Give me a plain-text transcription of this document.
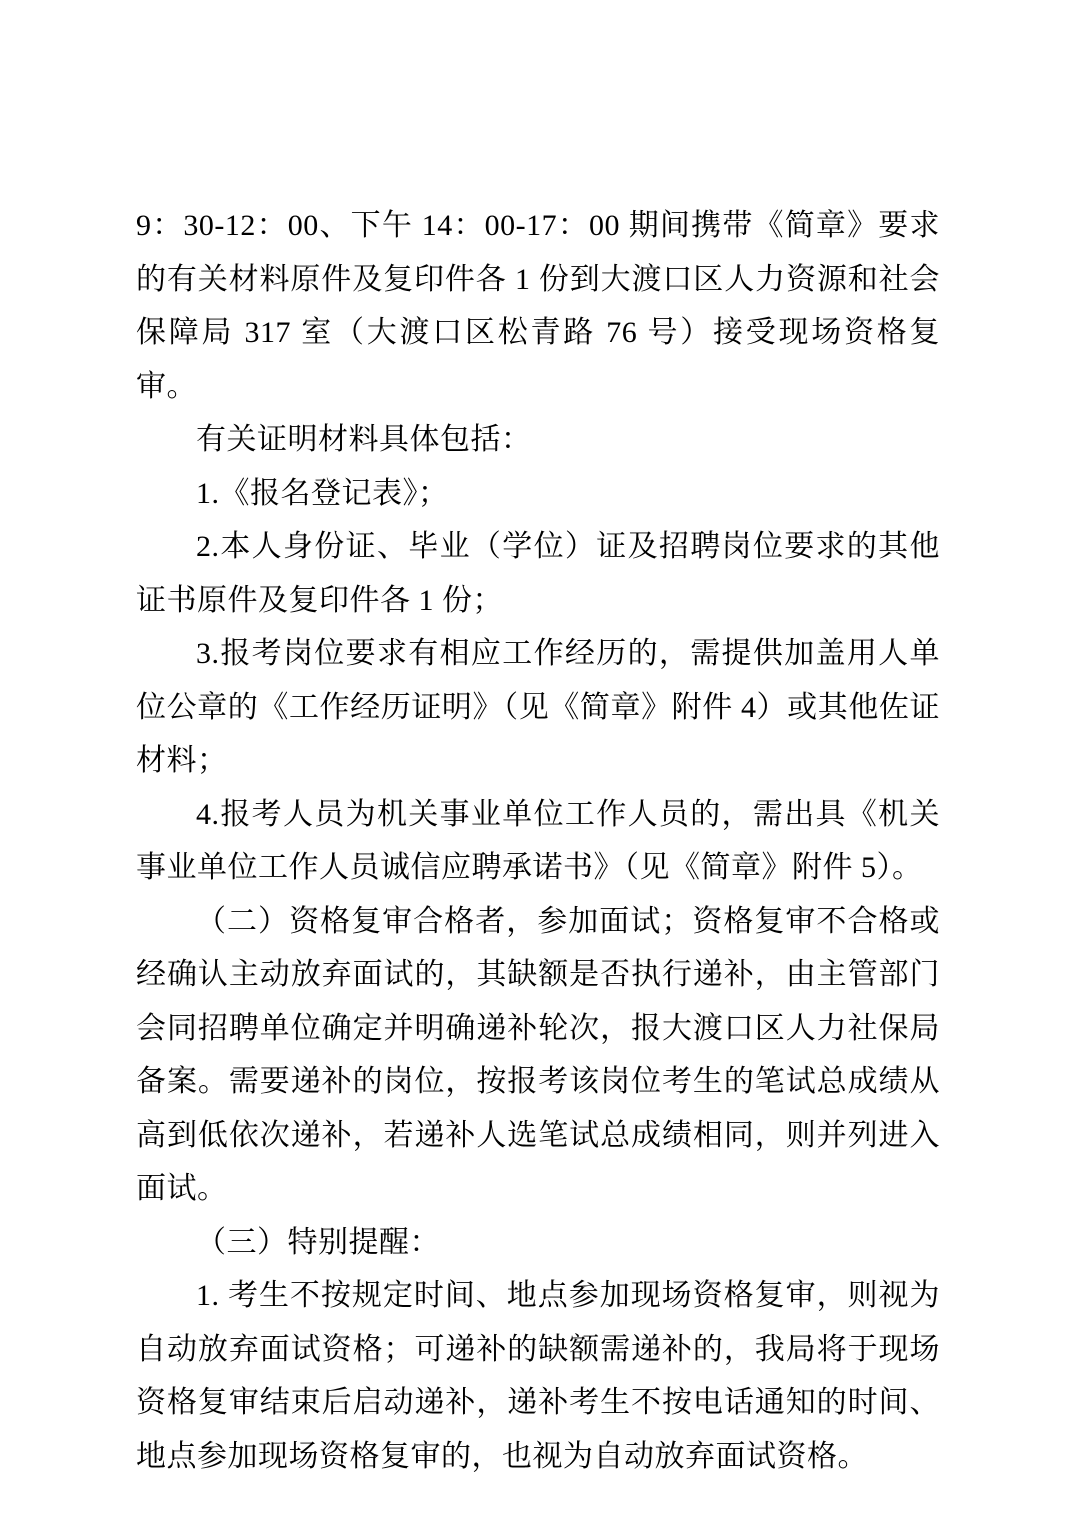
9：30-12：00、下午 14：00-17：00 期间携带《简章》要求的有关材料原件及复印件各 1 份到大渡口区人力资源和社会保障局 317 室（大渡口区松青路 76 号）接受现场资格复审。

有关证明材料具体包括：

1.《报名登记表》；

2.本人身份证、毕业（学位）证及招聘岗位要求的其他证书原件及复印件各 1 份；

3.报考岗位要求有相应工作经历的，需提供加盖用人单位公章的《工作经历证明》（见《简章》附件 4）或其他佐证材料；

4.报考人员为机关事业单位工作人员的，需出具《机关事业单位工作人员诚信应聘承诺书》（见《简章》附件 5）。

（二）资格复审合格者，参加面试；资格复审不合格或经确认主动放弃面试的，其缺额是否执行递补，由主管部门会同招聘单位确定并明确递补轮次，报大渡口区人力社保局备案。需要递补的岗位，按报考该岗位考生的笔试总成绩从高到低依次递补，若递补人选笔试总成绩相同，则并列进入面试。

（三）特别提醒：

1. 考生不按规定时间、地点参加现场资格复审，则视为自动放弃面试资格；可递补的缺额需递补的，我局将于现场资格复审结束后启动递补，递补考生不按电话通知的时间、地点参加现场资格复审的，也视为自动放弃面试资格。
